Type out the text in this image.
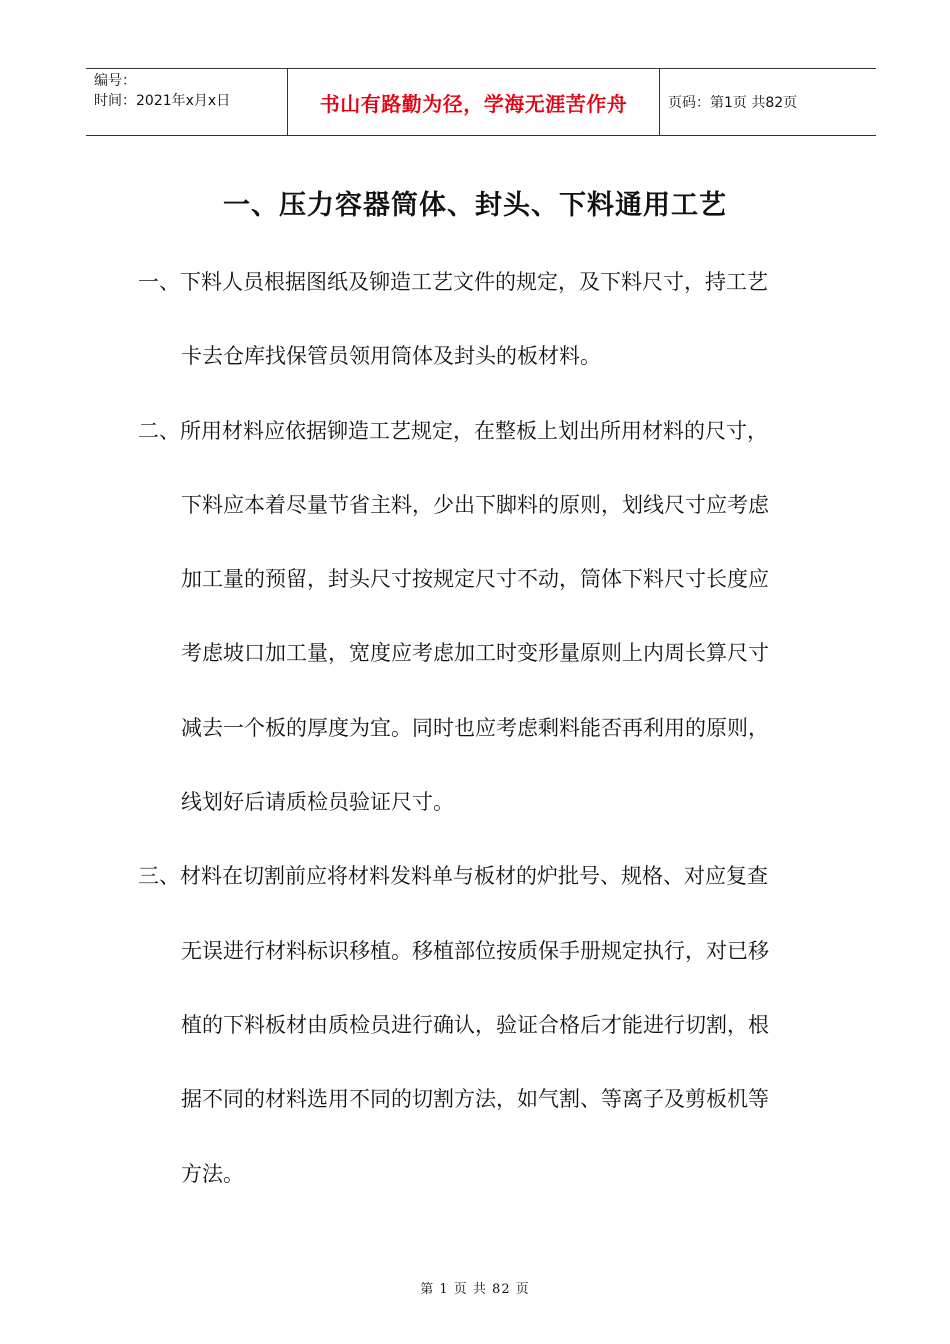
编号：
时间：2021年x月x日	书山有路勤为径，学海无涯苦作舟	页码：第1页 共82页
一、压力容器筒体、封头、下料通用工艺
一、下料人员根据图纸及铆造工艺文件的规定，及下料尺寸，持工艺
卡去仓库找保管员领用筒体及封头的板材料。
二、所用材料应依据铆造工艺规定，在整板上划出所用材料的尺寸，
下料应本着尽量节省主料，少出下脚料的原则，划线尺寸应考虑
加工量的预留，封头尺寸按规定尺寸不动，筒体下料尺寸长度应
考虑坡口加工量，宽度应考虑加工时变形量原则上内周长算尺寸
减去一个板的厚度为宜。同时也应考虑剩料能否再利用的原则，
线划好后请质检员验证尺寸。
三、材料在切割前应将材料发料单与板材的炉批号、规格、对应复查
无误进行材料标识移植。移植部位按质保手册规定执行，对已移
植的下料板材由质检员进行确认，验证合格后才能进行切割，根
据不同的材料选用不同的切割方法，如气割、等离子及剪板机等
方法。
第 1 页 共 82 页
